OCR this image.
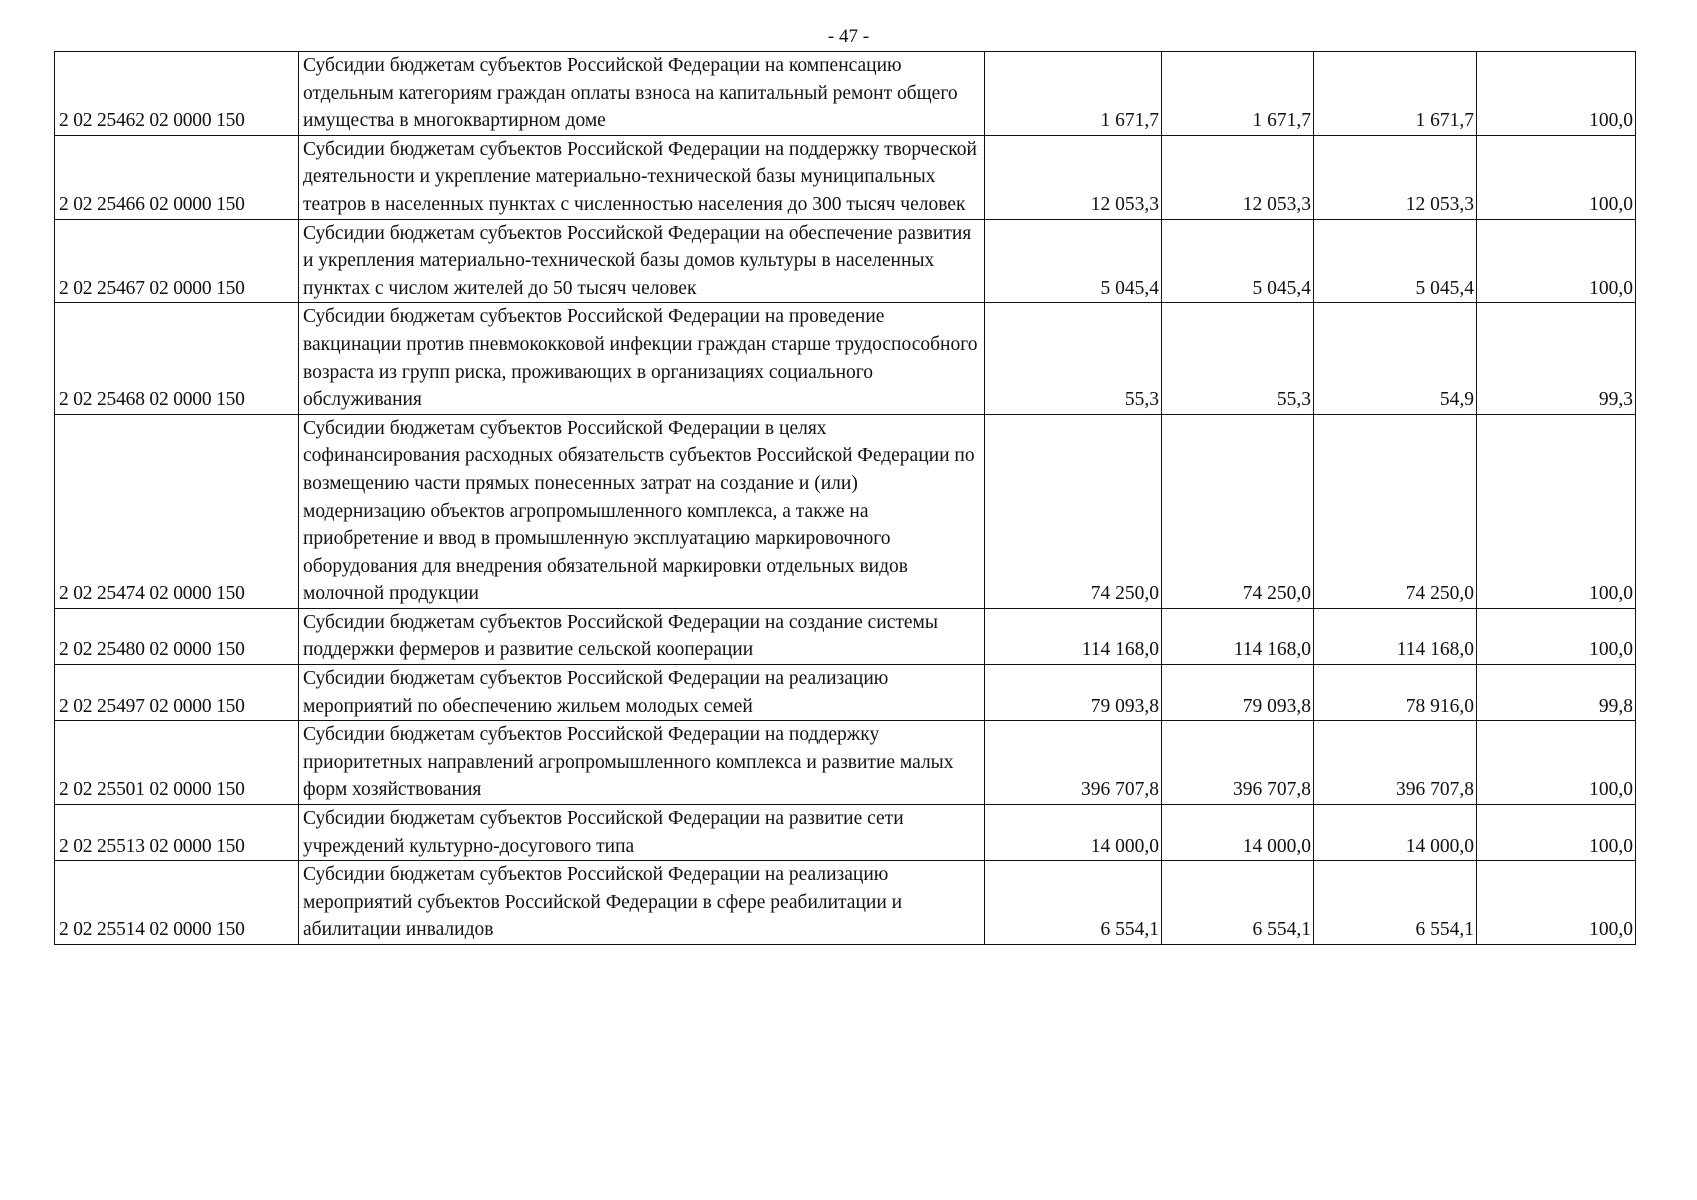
- 47 -
2 02 25462 02 0000 150	Субсидии бюджетам субъектов Российской Федерации на компенсацию отдельным категориям граждан оплаты взноса на капитальный ремонт общего имущества в многоквартирном доме	1 671,7	1 671,7	1 671,7	100,0
2 02 25466 02 0000 150	Субсидии бюджетам субъектов Российской Федерации на поддержку творческой деятельности и укрепление материально-технической базы муниципальных театров в населенных пунктах с численностью населения до 300 тысяч человек	12 053,3	12 053,3	12 053,3	100,0
2 02 25467 02 0000 150	Субсидии бюджетам субъектов Российской Федерации на обеспечение развития и укрепления материально-технической базы домов культуры в населенных пунктах с числом жителей до 50 тысяч человек	5 045,4	5 045,4	5 045,4	100,0
2 02 25468 02 0000 150	Субсидии бюджетам субъектов Российской Федерации на проведение вакцинации против пневмококковой инфекции граждан старше трудоспособного возраста из групп риска, проживающих в организациях социального обслуживания	55,3	55,3	54,9	99,3
2 02 25474 02 0000 150	Субсидии бюджетам субъектов Российской Федерации в целях софинансирования расходных обязательств субъектов Российской Федерации по возмещению части прямых понесенных затрат на создание и (или) модернизацию объектов агропромышленного комплекса, а также на приобретение и ввод в промышленную эксплуатацию маркировочного оборудования для внедрения обязательной маркировки отдельных видов молочной продукции	74 250,0	74 250,0	74 250,0	100,0
2 02 25480 02 0000 150	Субсидии бюджетам субъектов Российской Федерации на создание системы поддержки фермеров и развитие сельской кооперации	114 168,0	114 168,0	114 168,0	100,0
2 02 25497 02 0000 150	Субсидии бюджетам субъектов Российской Федерации на реализацию мероприятий по обеспечению жильем молодых семей	79 093,8	79 093,8	78 916,0	99,8
2 02 25501 02 0000 150	Субсидии бюджетам субъектов Российской Федерации на поддержку приоритетных направлений агропромышленного комплекса и развитие малых форм хозяйствования	396 707,8	396 707,8	396 707,8	100,0
2 02 25513 02 0000 150	Субсидии бюджетам субъектов Российской Федерации на развитие сети учреждений культурно-досугового типа	14 000,0	14 000,0	14 000,0	100,0
2 02 25514 02 0000 150	Субсидии бюджетам субъектов Российской Федерации на реализацию мероприятий субъектов Российской Федерации в сфере реабилитации и абилитации инвалидов	6 554,1	6 554,1	6 554,1	100,0
